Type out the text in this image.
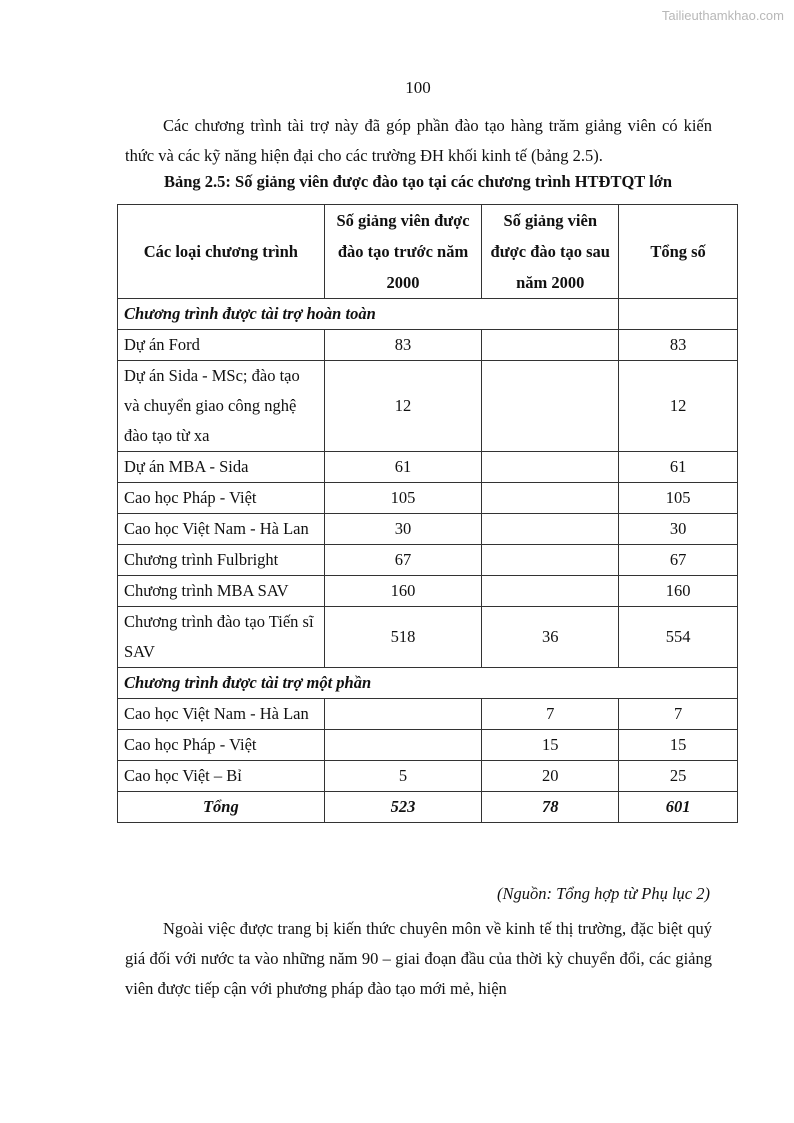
Tailieuthamkhao.com
100

Các chương trình tài trợ này đã góp phần đào tạo hàng trăm giảng viên có kiến thức và các kỹ năng hiện đại cho các trường ĐH khối kinh tế (bảng 2.5).

Bảng 2.5: Số giảng viên được đào tạo tại các chương trình HTĐTQT lớn
Các loại chương trình	Số giảng viên được đào tạo trước năm 2000	Số giảng viên được đào tạo sau năm 2000	Tổng số
Chương trình được tài trợ hoàn toàn			
Dự án Ford	83		83
Dự án Sida - MSc; đào tạo và chuyển giao công nghệ đào tạo từ xa	12		12
Dự án MBA - Sida	61		61
Cao học Pháp - Việt	105		105
Cao học Việt Nam - Hà Lan	30		30
Chương trình Fulbright	67		67
Chương trình MBA SAV	160		160
Chương trình đào tạo Tiến sĩ SAV	518	36	554
Chương trình được tài trợ một phần			
Cao học Việt Nam - Hà Lan		7	7
Cao học Pháp - Việt		15	15
Cao học Việt – Bỉ	5	20	25
Tổng	523	78	601
(Nguồn: Tổng hợp từ Phụ lục 2)

Ngoài việc được trang bị kiến thức chuyên môn về kinh tế thị trường, đặc biệt quý giá đối với nước ta vào những năm 90 – giai đoạn đầu của thời kỳ chuyển đổi, các giảng viên được tiếp cận với phương pháp đào tạo mới mẻ, hiện
